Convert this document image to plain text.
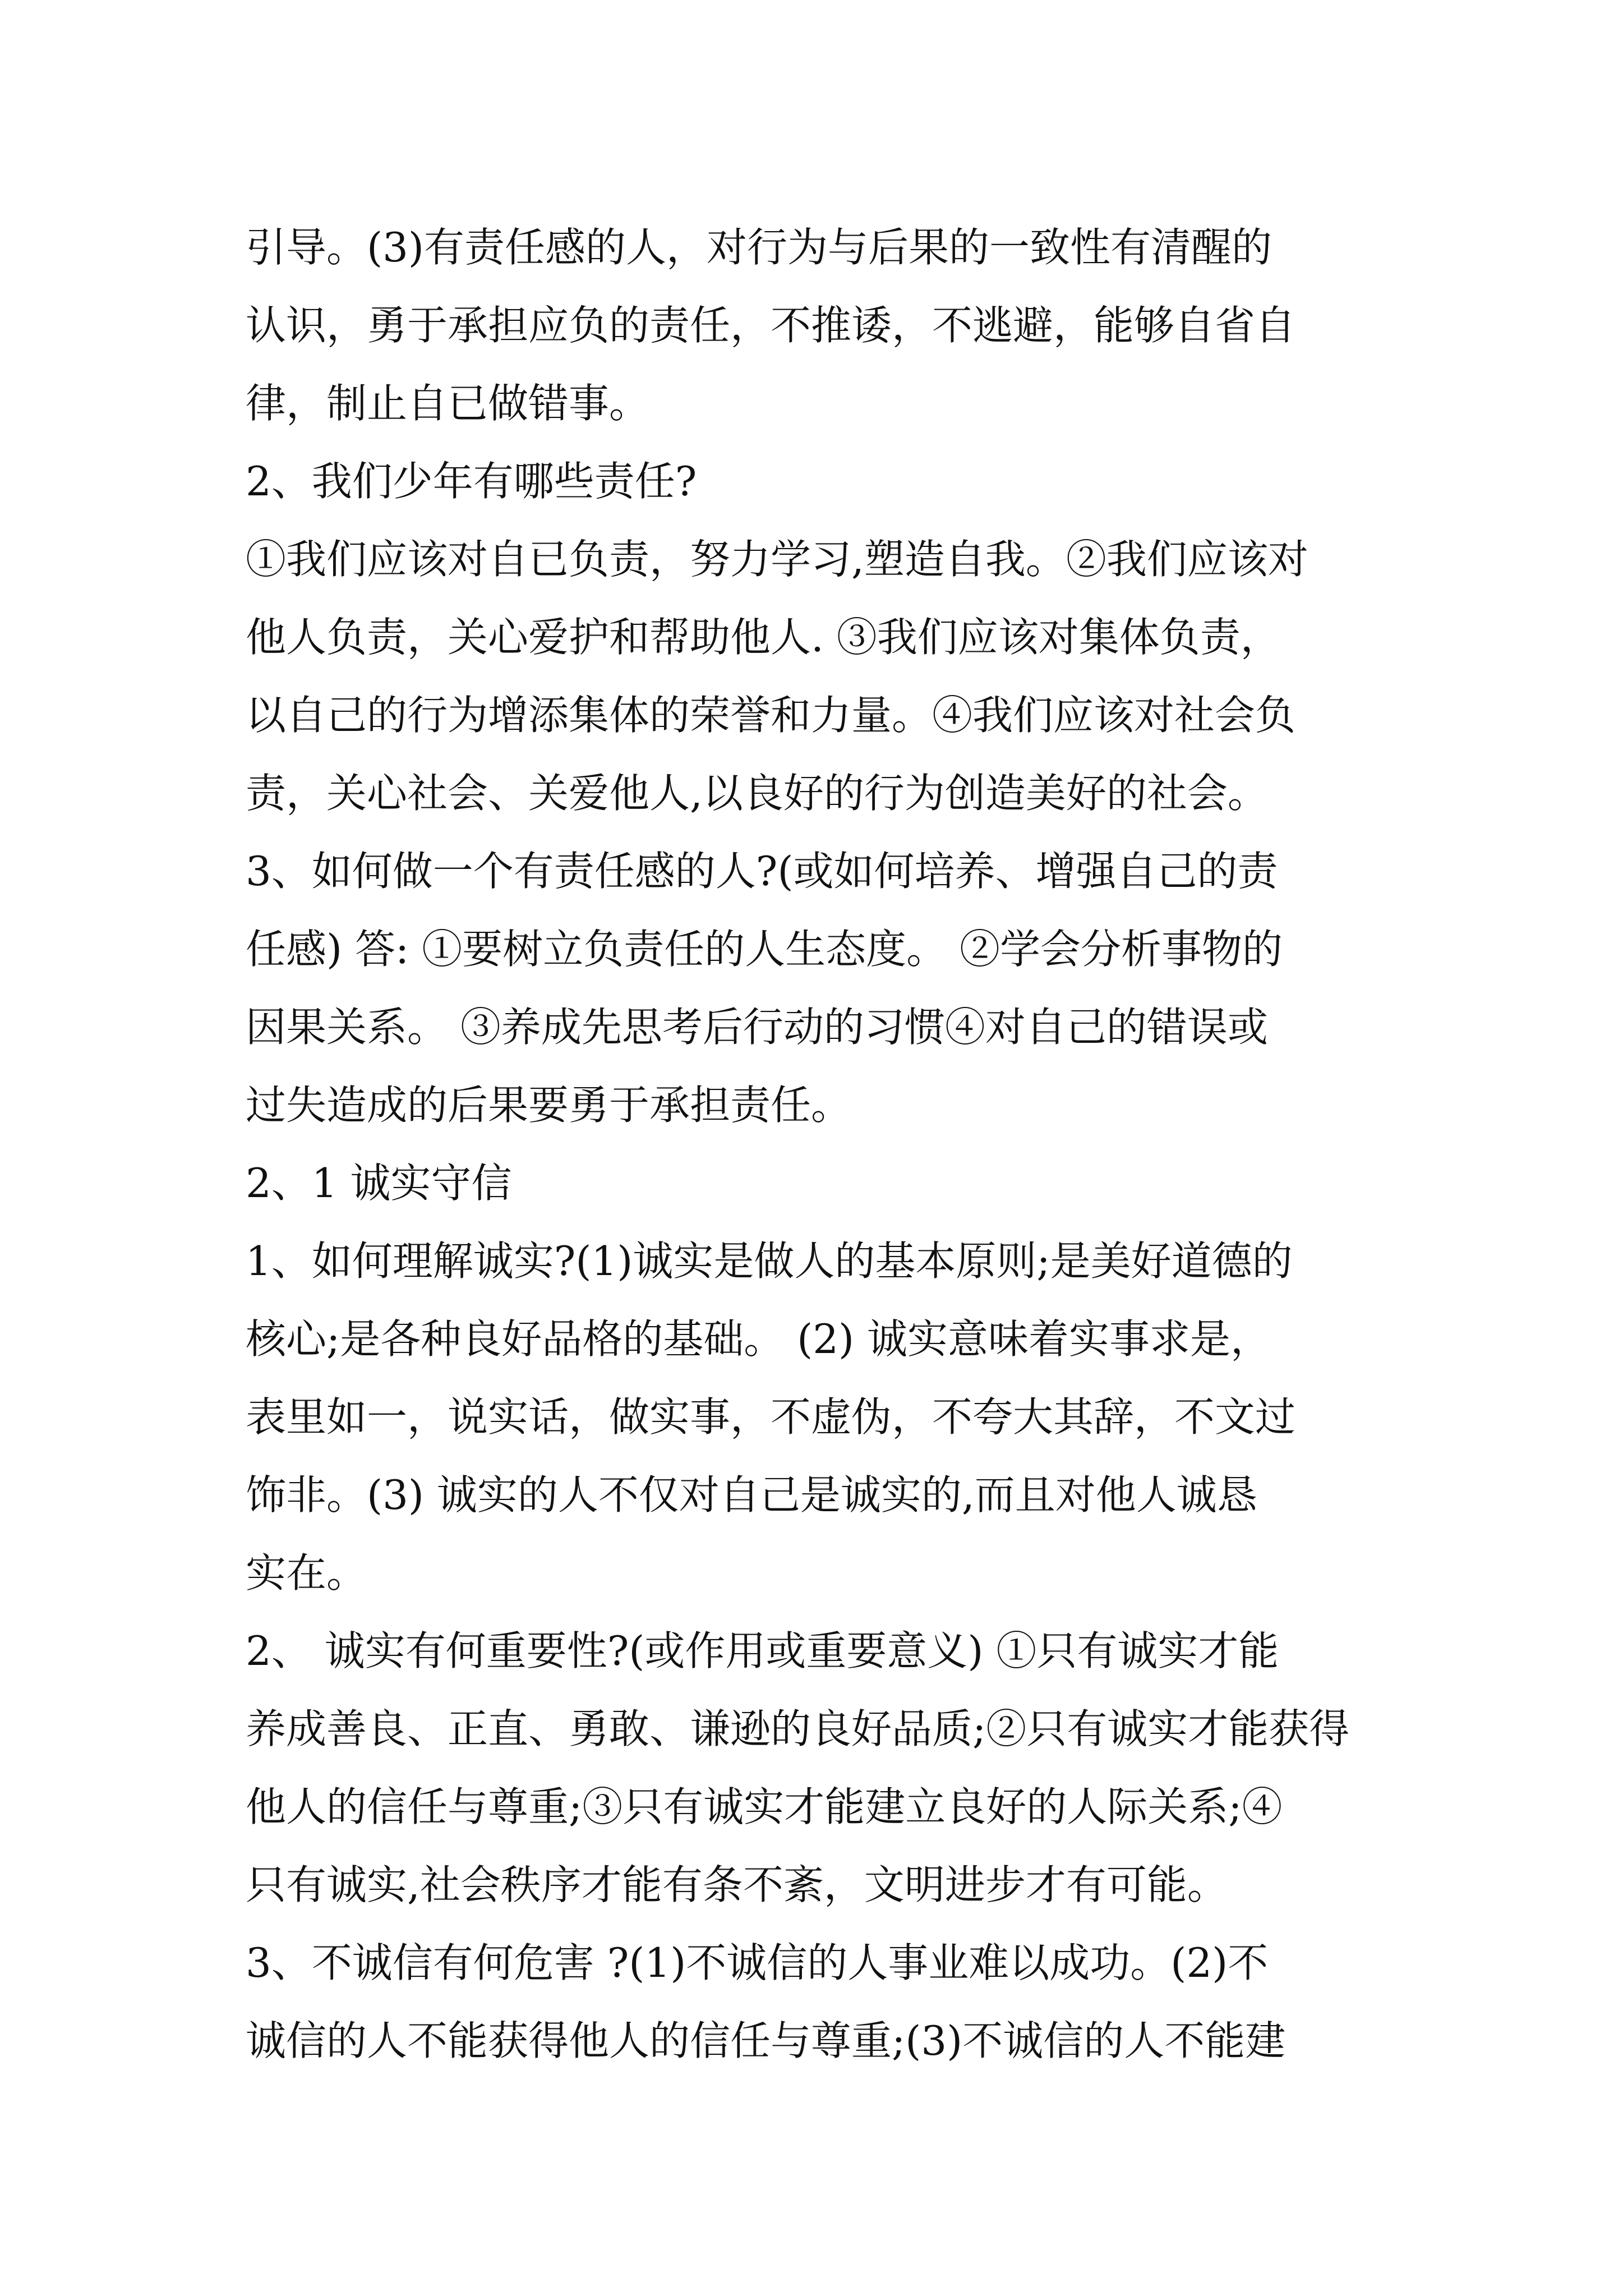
引导。(3)有责任感的人，对行为与后果的一致性有清醒的
认识，勇于承担应负的责任，不推诿，不逃避，能够自省自
律，制止自已做错事。
2、我们少年有哪些责任?
①我们应该对自已负责，努力学习,塑造自我。②我们应该对
他人负责，关心爱护和帮助他人. ③我们应该对集体负责，
以自己的行为增添集体的荣誉和力量。④我们应该对社会负
责，关心社会、关爱他人,以良好的行为创造美好的社会。
3、如何做一个有责任感的人?(或如何培养、增强自己的责
任感) 答: ①要树立负责任的人生态度。 ②学会分析事物的
因果关系。 ③养成先思考后行动的习惯④对自己的错误或
过失造成的后果要勇于承担责任。
2、1 诚实守信
1、如何理解诚实?(1)诚实是做人的基本原则;是美好道德的
核心;是各种良好品格的基础。 (2) 诚实意味着实事求是，
表里如一，说实话，做实事，不虚伪，不夸大其辞，不文过
饰非。(3) 诚实的人不仅对自己是诚实的,而且对他人诚恳
实在。
2、 诚实有何重要性?(或作用或重要意义) ①只有诚实才能
养成善良、正直、勇敢、谦逊的良好品质;②只有诚实才能获得
他人的信任与尊重;③只有诚实才能建立良好的人际关系;④
只有诚实,社会秩序才能有条不紊，文明进步才有可能。
3、不诚信有何危害 ?(1)不诚信的人事业难以成功。(2)不
诚信的人不能获得他人的信任与尊重;(3)不诚信的人不能建
